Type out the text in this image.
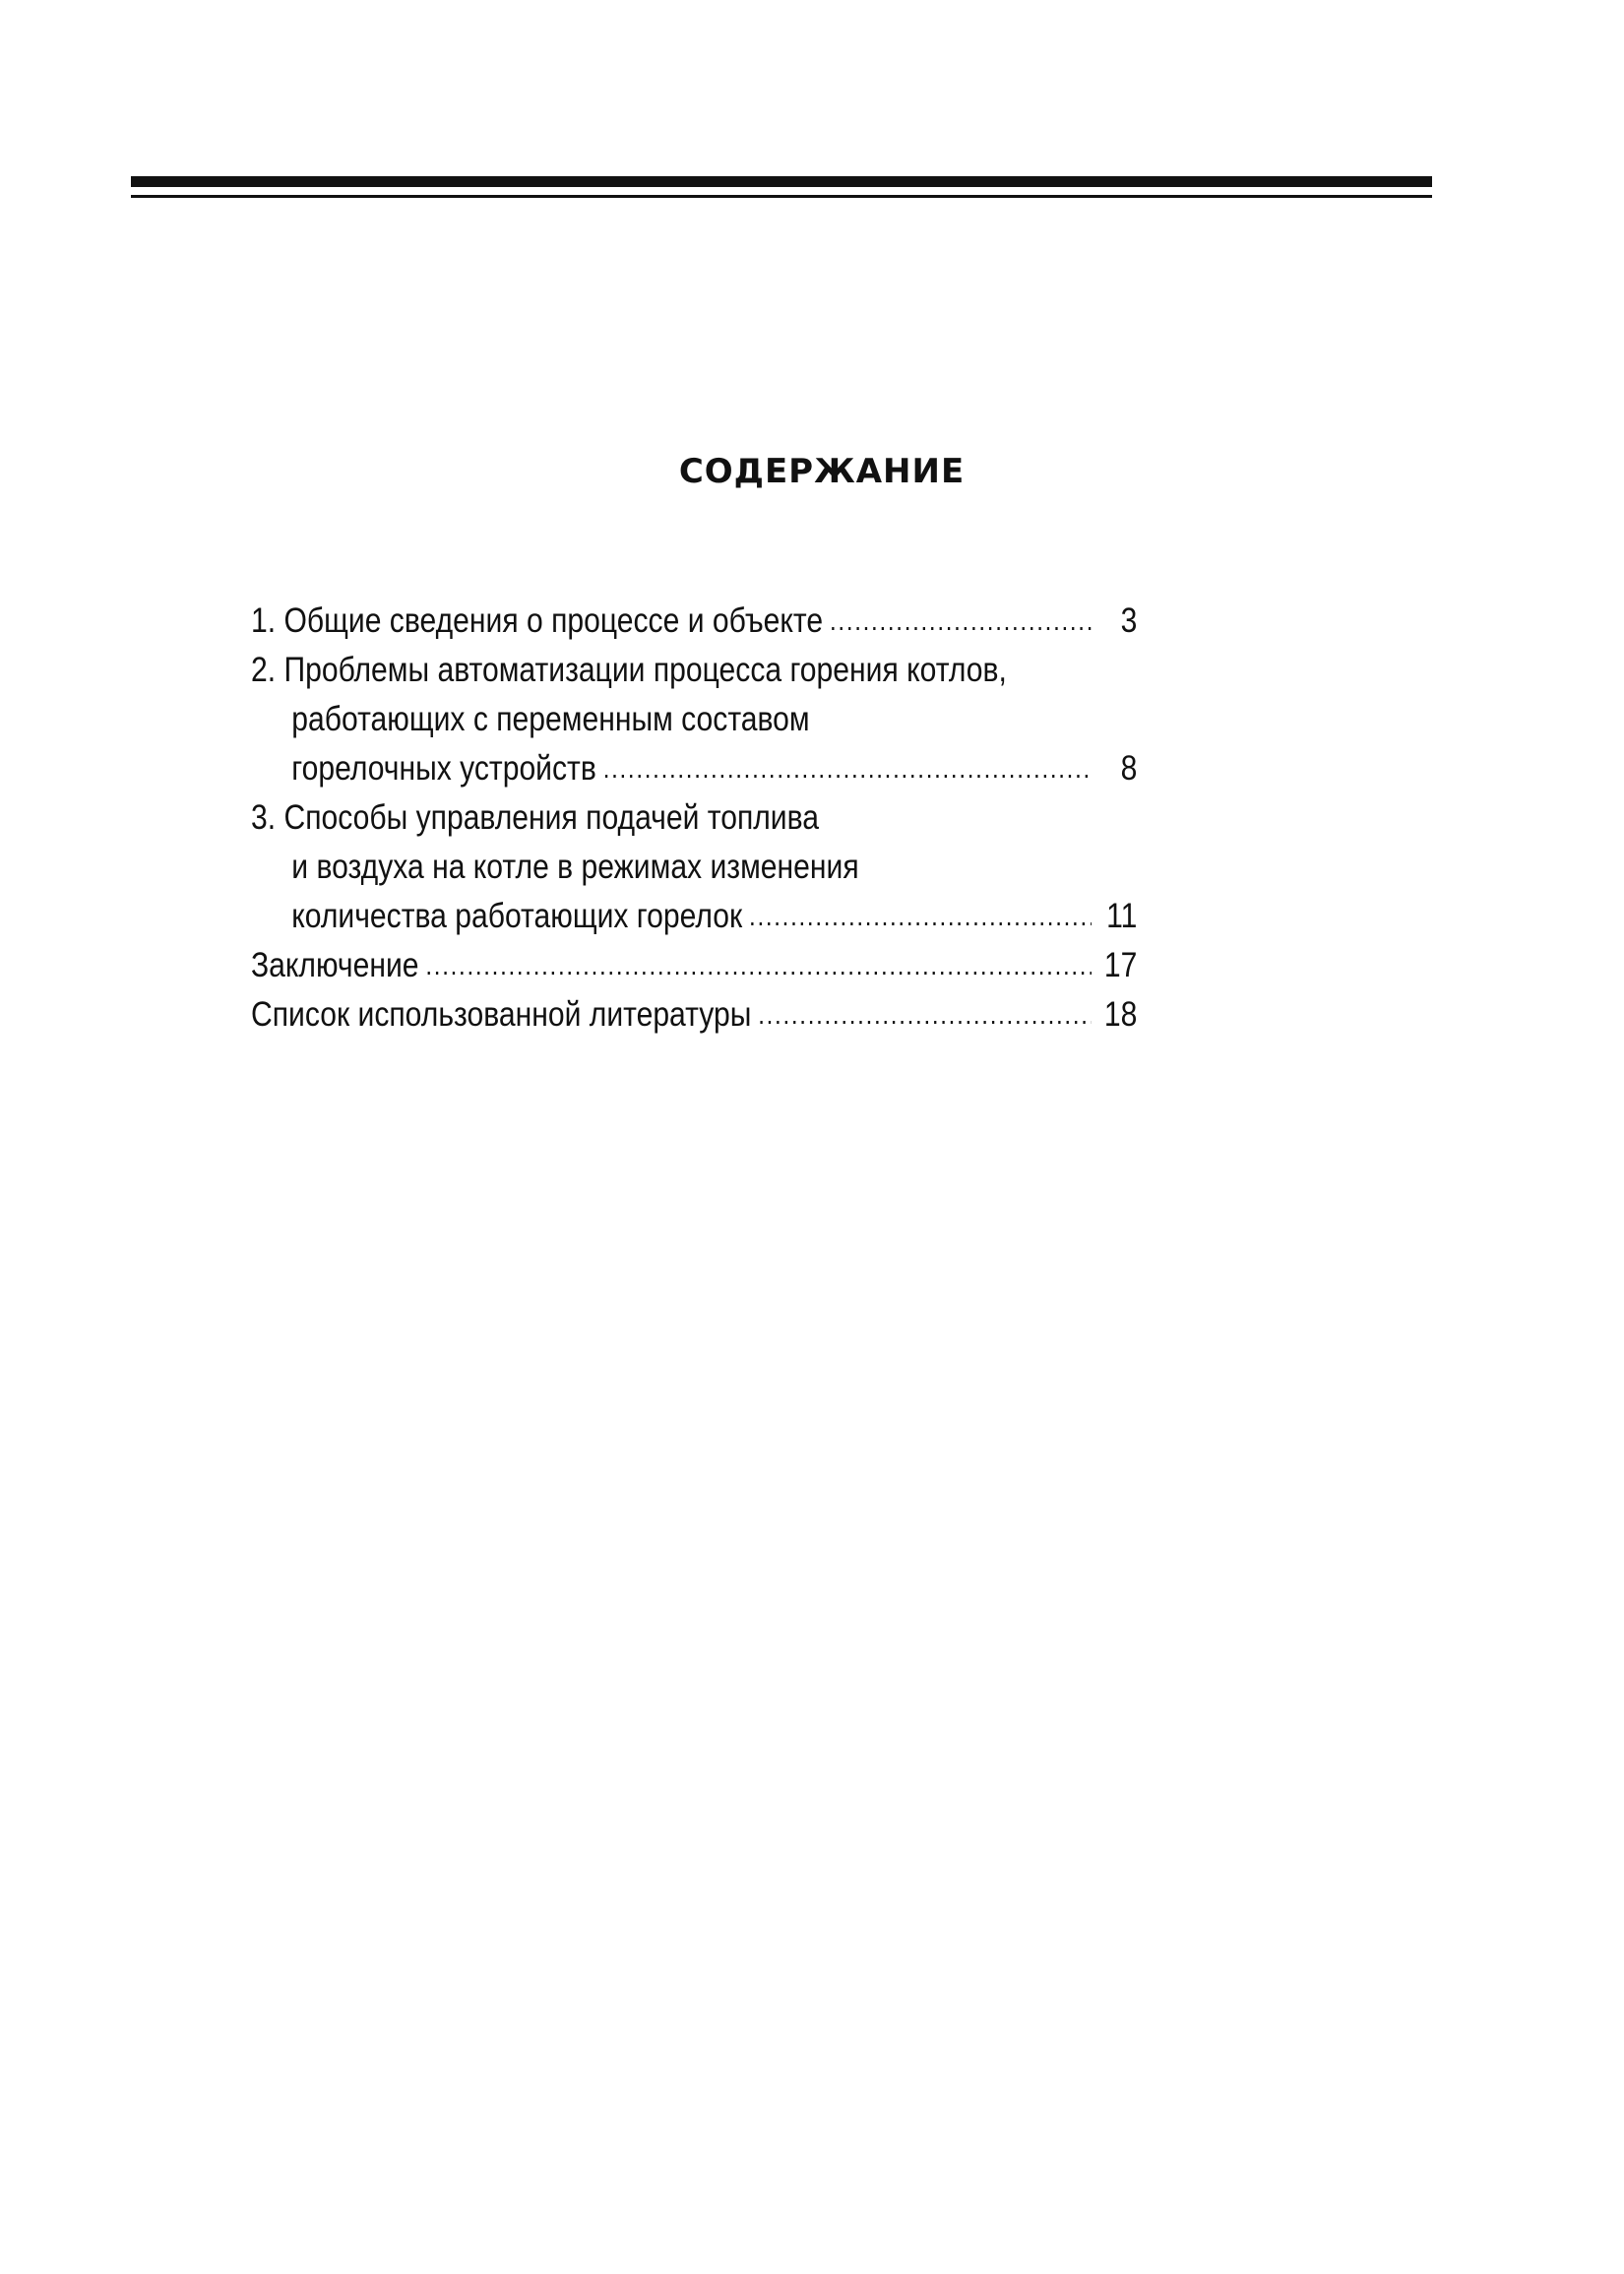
СОДЕРЖАНИЕ
1. Общие сведения о процессе и объекте .....	3
2. Проблемы автоматизации процесса горения котлов,
работающих с переменным составом
горелочных устройств .....	8
3. Способы управления подачей топлива
и воздуха на котле в режимах изменения
количества работающих горелок .....	11
Заключение .....	17
Список использованной литературы .....	18
